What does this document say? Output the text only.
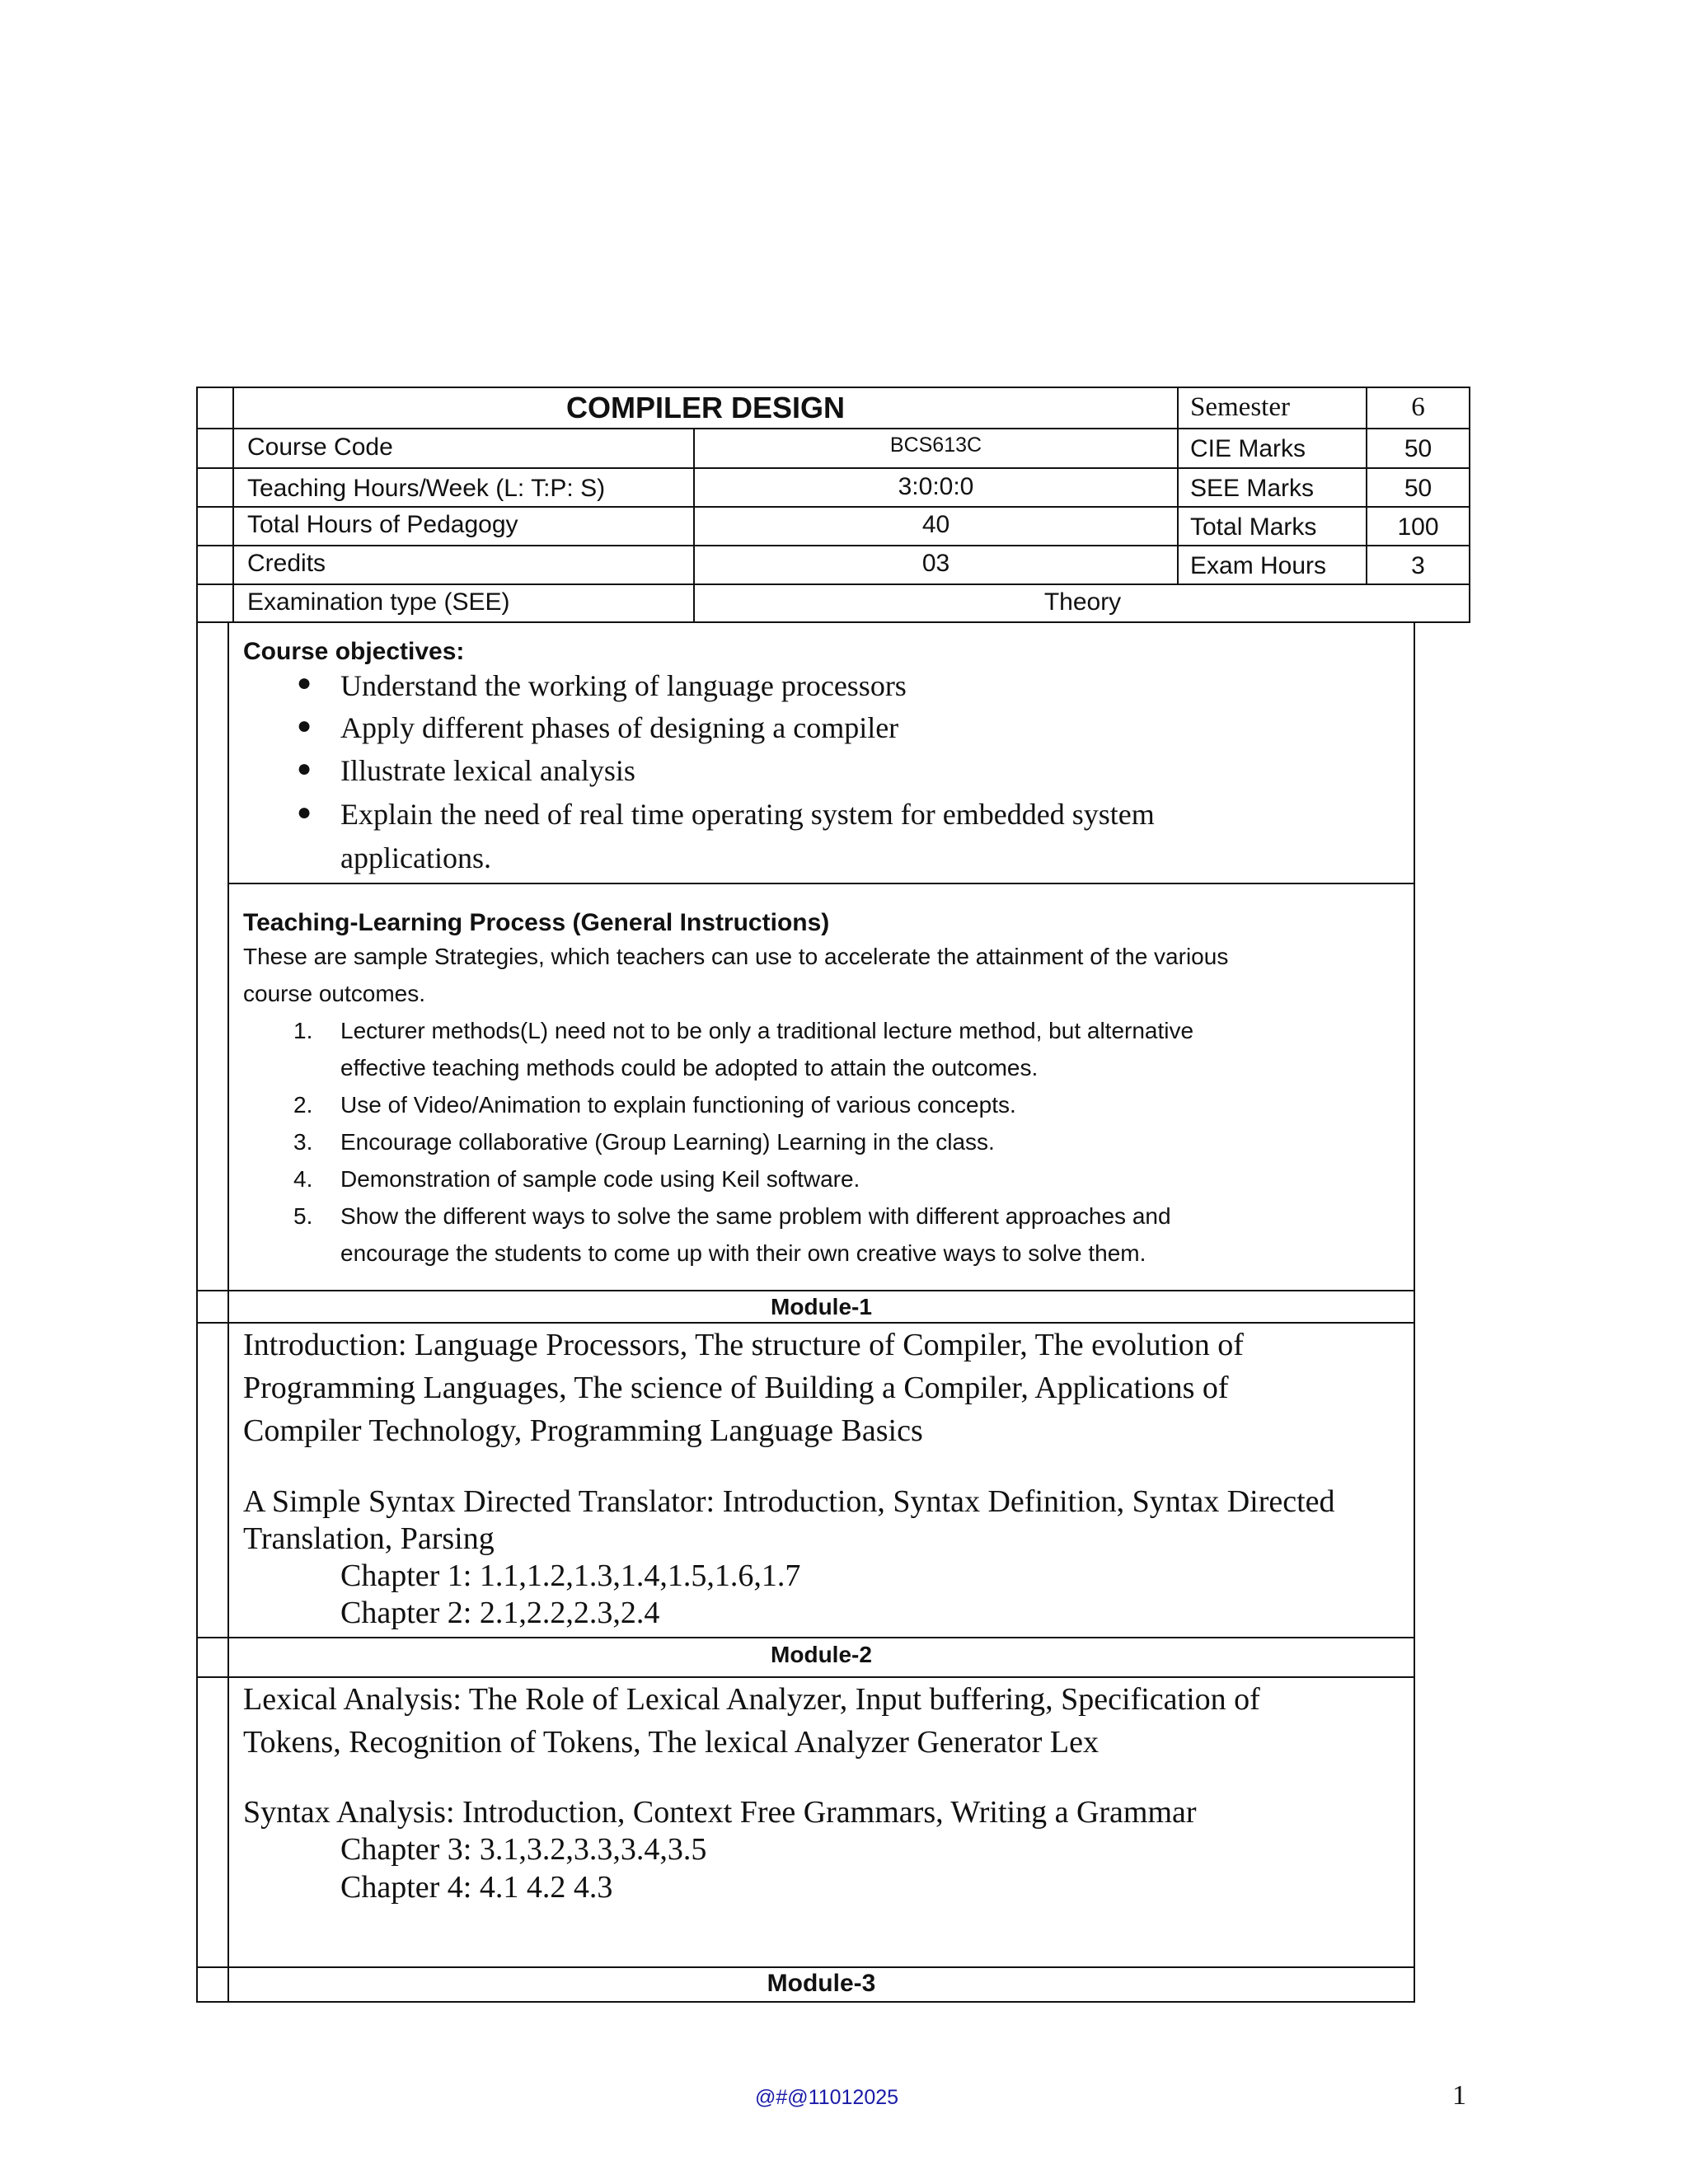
COMPILER DESIGN	Semester	6
Course Code	BCS613C	CIE Marks	50
Teaching Hours/Week (L: T:P: S)	3:0:0:0	SEE Marks	50
Total Hours of Pedagogy	40	Total Marks	100
Credits	03	Exam Hours	3
Examination type (SEE)	Theory
Course objectives:
● Understand the working of language processors
● Apply different phases of designing a compiler
● Illustrate lexical analysis
● Explain the need of real time operating system for embedded system
applications.
Teaching-Learning Process (General Instructions)
These are sample Strategies, which teachers can use to accelerate the attainment of the various
course outcomes.
1. Lecturer methods(L) need not to be only a traditional lecture method, but alternative
effective teaching methods could be adopted to attain the outcomes.
2. Use of Video/Animation to explain functioning of various concepts.
3. Encourage collaborative (Group Learning) Learning in the class.
4. Demonstration of sample code using Keil software.
5. Show the different ways to solve the same problem with different approaches and
encourage the students to come up with their own creative ways to solve them.
Module-1
Introduction: Language Processors, The structure of Compiler, The evolution of
Programming Languages, The science of Building a Compiler, Applications of
Compiler Technology, Programming Language Basics
A Simple Syntax Directed Translator: Introduction, Syntax Definition, Syntax Directed
Translation, Parsing
Chapter 1: 1.1,1.2,1.3,1.4,1.5,1.6,1.7
Chapter 2: 2.1,2.2,2.3,2.4
Module-2
Lexical Analysis: The Role of Lexical Analyzer, Input buffering, Specification of
Tokens, Recognition of Tokens, The lexical Analyzer Generator Lex
Syntax Analysis: Introduction, Context Free Grammars, Writing a Grammar
Chapter 3: 3.1,3.2,3.3,3.4,3.5
Chapter 4: 4.1 4.2 4.3
Module-3
@#@11012025	1
